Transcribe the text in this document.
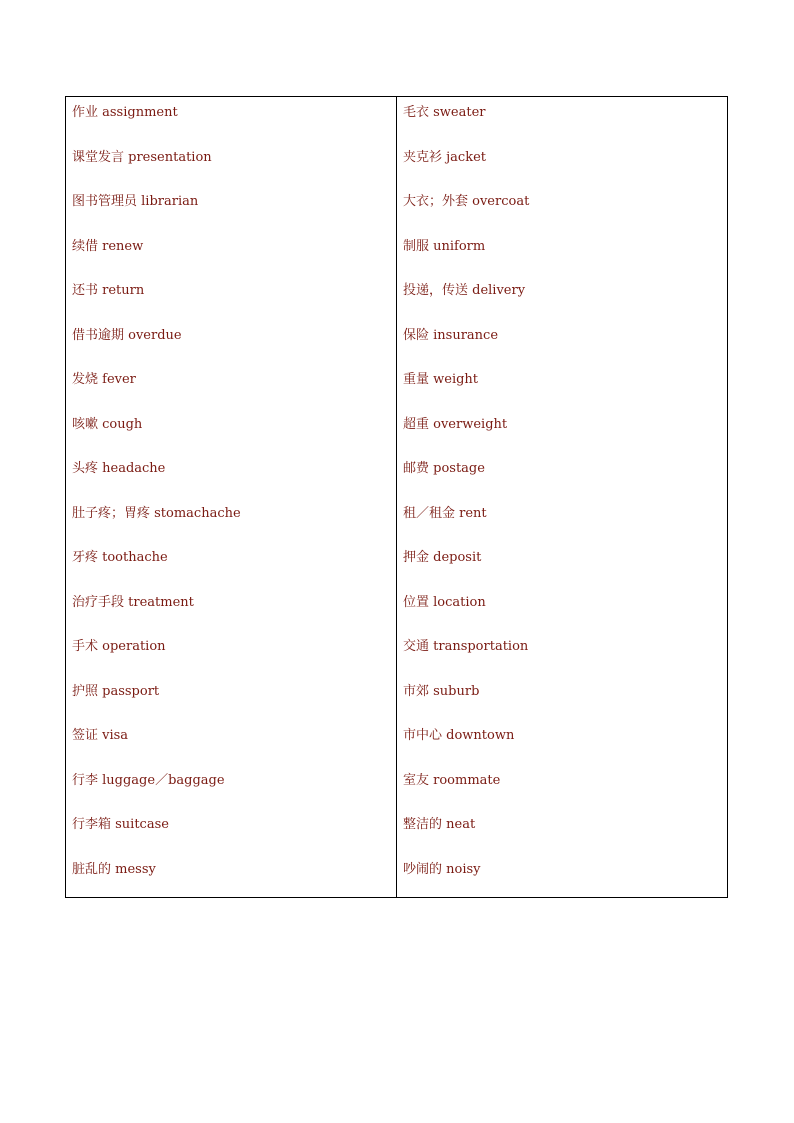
作业 assignment
课堂发言 presentation
图书管理员 librarian
续借 renew
还书 return
借书逾期 overdue
发烧 fever
咳嗽 cough
头疼 headache
肚子疼；胃疼 stomachache
牙疼 toothache
治疗手段 treatment
手术 operation
护照 passport
签证 visa
行李 luggage／baggage
行李箱 suitcase
脏乱的 messy
毛衣 sweater
夹克衫 jacket
大衣；外套 overcoat
制服 uniform
投递，传送 delivery
保险 insurance
重量 weight
超重 overweight
邮费 postage
租／租金 rent
押金 deposit
位置 location
交通 transportation
市郊 suburb
市中心 downtown
室友 roommate
整洁的 neat
吵闹的 noisy
